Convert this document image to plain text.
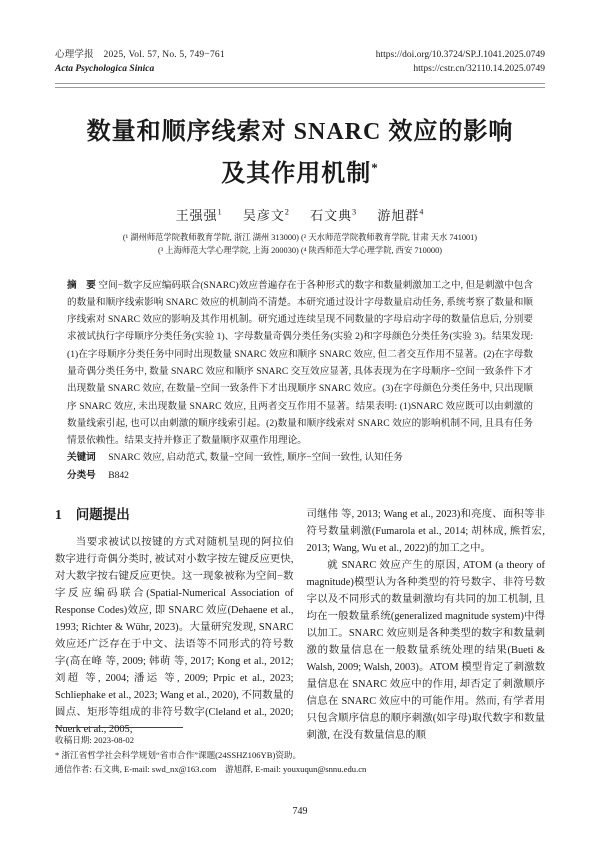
心理学报　2025, Vol. 57, No. 5, 749−761
Acta Psychologica Sinica
https://doi.org/10.3724/SP.J.1041.2025.0749
https://cstr.cn/32110.14.2025.0749
数量和顺序线索对 SNARC 效应的影响
及其作用机制*
王强强$^1$ 吴彦文$^2$ 石文典$^3$ 游旭群$^4$
(¹ 湖州师范学院教师教育学院, 浙江 湖州 313000) (² 天水师范学院教师教育学院, 甘肃 天水 741001)
(³ 上海师范大学心理学院, 上海 200030) (⁴ 陕西师范大学心理学院, 西安 710000)
摘　要 空间−数字反应编码联合(SNARC)效应普遍存在于各种形式的数字和数量刺激加工之中, 但是刺激中包含的数量和顺序线索影响 SNARC 效应的机制尚不清楚。本研究通过设计字母数量启动任务, 系统考察了数量和顺序线索对 SNARC 效应的影响及其作用机制。研究通过连续呈现不同数量的字母启动字母的数量信息后, 分别要求被试执行字母顺序分类任务(实验 1)、字母数量奇偶分类任务(实验 2)和字母颜色分类任务(实验 3)。结果发现: (1)在字母顺序分类任务中同时出现数量 SNARC 效应和顺序 SNARC 效应, 但二者交互作用不显著。(2)在字母数量奇偶分类任务中, 数量 SNARC 效应和顺序 SNARC 交互效应显著, 具体表现为在字母顺序−空间一致条件下才出现数量 SNARC 效应, 在数量−空间一致条件下才出现顺序 SNARC 效应。(3)在字母颜色分类任务中, 只出现顺序 SNARC 效应, 未出现数量 SNARC 效应, 且两者交互作用不显著。结果表明: (1)SNARC 效应既可以由刺激的数量线索引起, 也可以由刺激的顺序线索引起。(2)数量和顺序线索对 SNARC 效应的影响机制不同, 且具有任务情景依赖性。结果支持并修正了数量顺序双重作用理论。
关键词 SNARC 效应, 启动范式, 数量−空间一致性, 顺序−空间一致性, 认知任务
分类号 B842
1 问题提出

当要求被试以按键的方式对随机呈现的阿拉伯数字进行奇偶分类时, 被试对小数字按左键反应更快, 对大数字按右键反应更快。这一现象被称为空间−数字反应编码联合(Spatial-Numerical Association of Response Codes)效应, 即 SNARC 效应(Dehaene et al., 1993; Richter & Wühr, 2023)。大量研究发现, SNARC 效应还广泛存在于中文、法语等不同形式的符号数字(高在峰 等, 2009; 韩萌 等, 2017; Kong et al., 2012; 刘超 等, 2004; 潘运 等, 2009; Prpic et al., 2023; Schliephake et al., 2023; Wang et al., 2020), 不同数量的圆点、矩形等组成的非符号数字(Cleland et al., 2020; Nuerk et al., 2005;

司继伟 等, 2013; Wang et al., 2023)和亮度、面积等非符号数量刺激(Fumarola et al., 2014; 胡林成, 熊哲宏, 2013; Wang, Wu et al., 2022)的加工之中。

就 SNARC 效应产生的原因, ATOM (a theory of magnitude)模型认为各种类型的符号数字、非符号数字以及不同形式的数量刺激均有共同的加工机制, 且均在一般数量系统(generalized magnitude system)中得以加工。SNARC 效应则是各种类型的数字和数量刺激的数量信息在一般数量系统处理的结果(Bueti & Walsh, 2009; Walsh, 2003)。ATOM 模型肯定了刺激数量信息在 SNARC 效应中的作用, 却否定了刺激顺序信息在 SNARC 效应中的可能作用。然而, 有学者用只包含顺序信息的顺序刺激(如字母)取代数字和数量刺激, 在没有数量信息的顺

收稿日期: 2023-08-02
* 浙江省哲学社会科学规划“省市合作”课题(24SSHZ106YB)资助。
通信作者: 石文典, E-mail: swd_nx@163.com　游旭群, E-mail: youxuqun@snnu.edu.cn
749
